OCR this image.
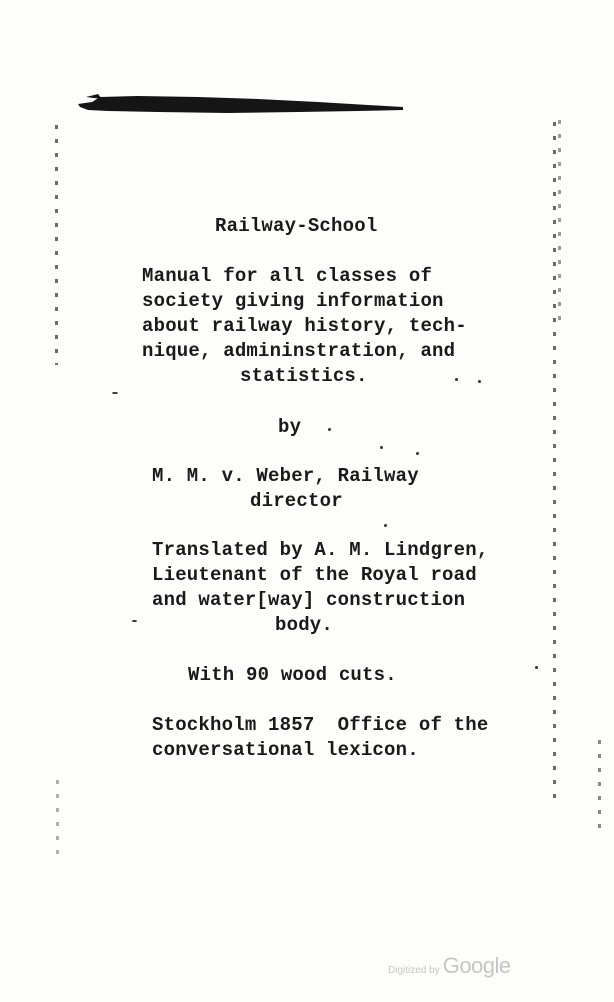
Railway-School
Manual for all classes of
society giving information
about railway history, tech-
nique, admininstration, and
statistics.
by
M. M. v. Weber, Railway
director
Translated by A. M. Lindgren,
Lieutenant of the Royal road
and water[way] construction
body.
With 90 wood cuts.
Stockholm 1857  Office of the
conversational lexicon.
Digitized by Google
